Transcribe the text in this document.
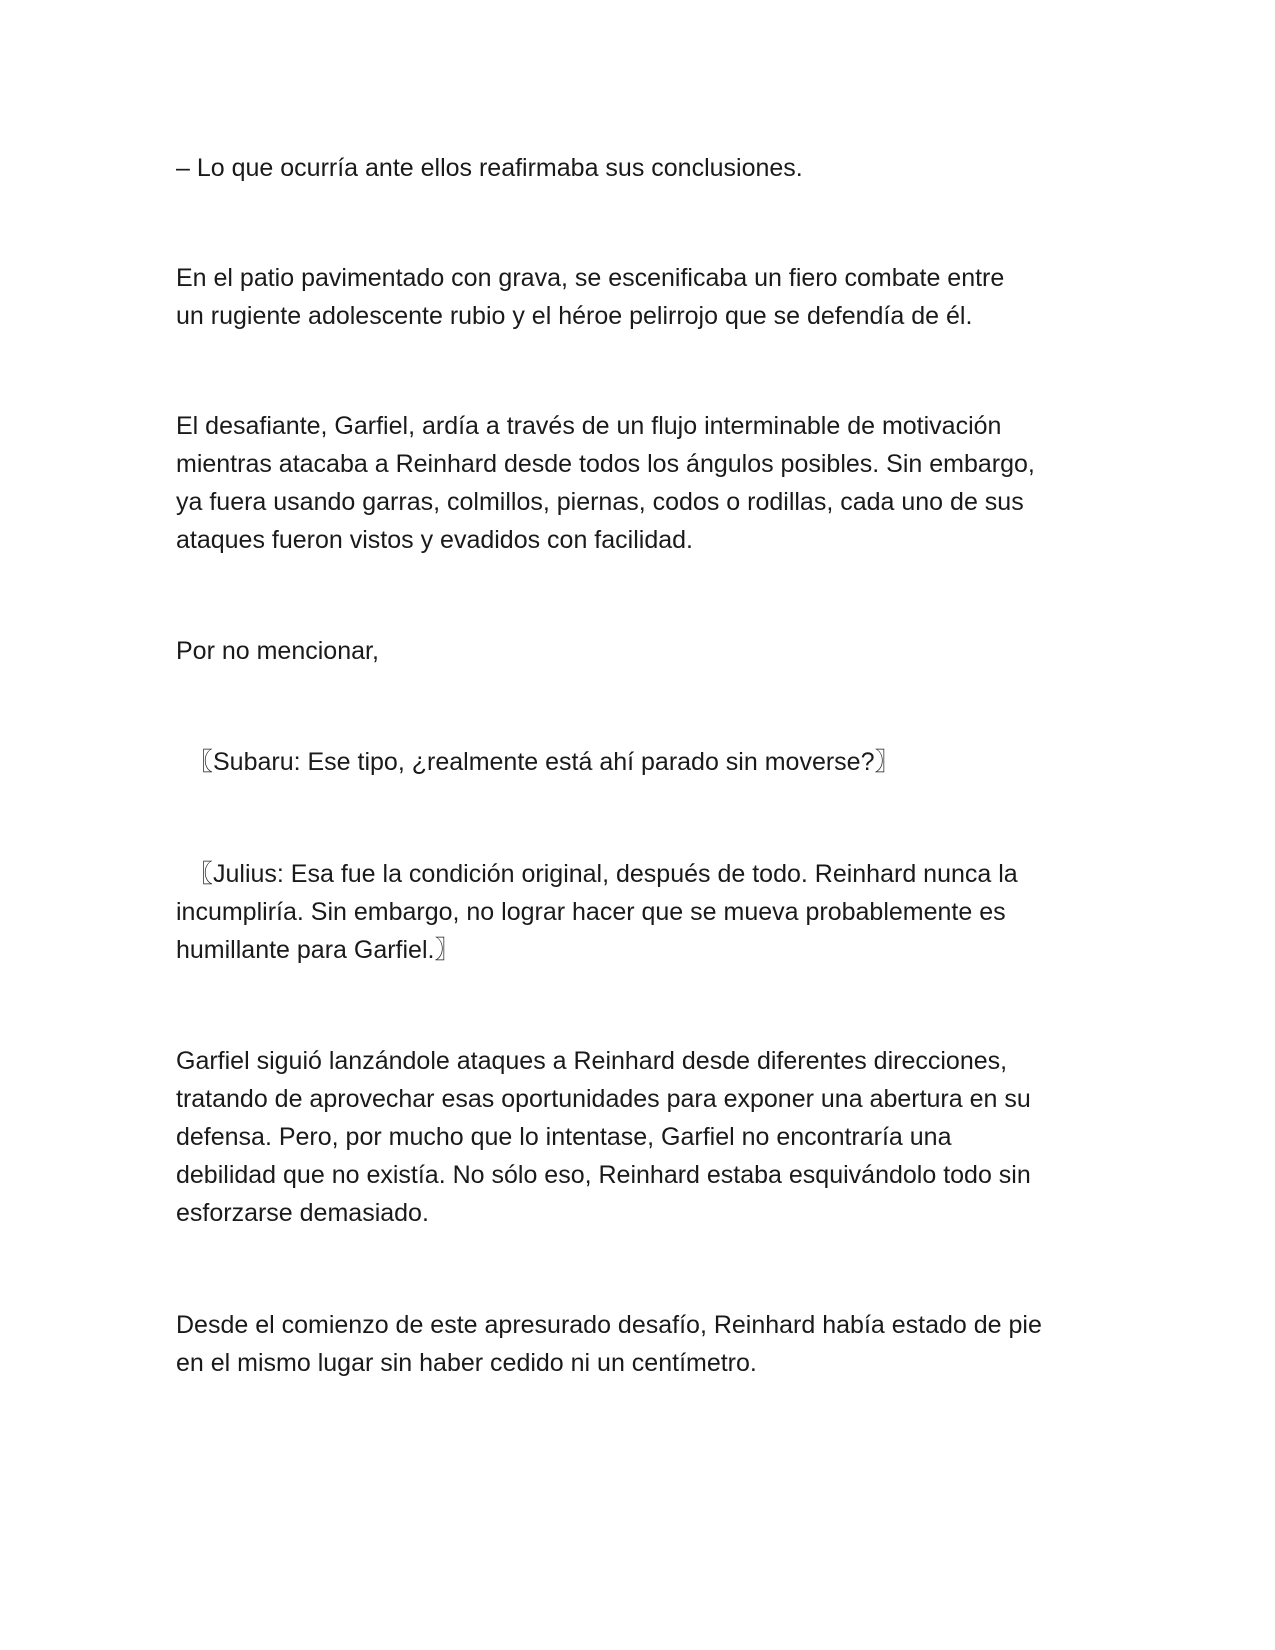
– Lo que ocurría ante ellos reafirmaba sus conclusiones.

En el patio pavimentado con grava, se escenificaba un fiero combate entre
un rugiente adolescente rubio y el héroe pelirrojo que se defendía de él.

El desafiante, Garfiel, ardía a través de un flujo interminable de motivación
mientras atacaba a Reinhard desde todos los ángulos posibles. Sin embargo,
ya fuera usando garras, colmillos, piernas, codos o rodillas, cada uno de sus
ataques fueron vistos y evadidos con facilidad.

Por no mencionar,

〖Subaru: Ese tipo, ¿realmente está ahí parado sin moverse?〗

〖Julius: Esa fue la condición original, después de todo. Reinhard nunca la
incumpliría. Sin embargo, no lograr hacer que se mueva probablemente es
humillante para Garfiel.〗

Garfiel siguió lanzándole ataques a Reinhard desde diferentes direcciones,
tratando de aprovechar esas oportunidades para exponer una abertura en su
defensa. Pero, por mucho que lo intentase, Garfiel no encontraría una
debilidad que no existía. No sólo eso, Reinhard estaba esquivándolo todo sin
esforzarse demasiado.

Desde el comienzo de este apresurado desafío, Reinhard había estado de pie
en el mismo lugar sin haber cedido ni un centímetro.
